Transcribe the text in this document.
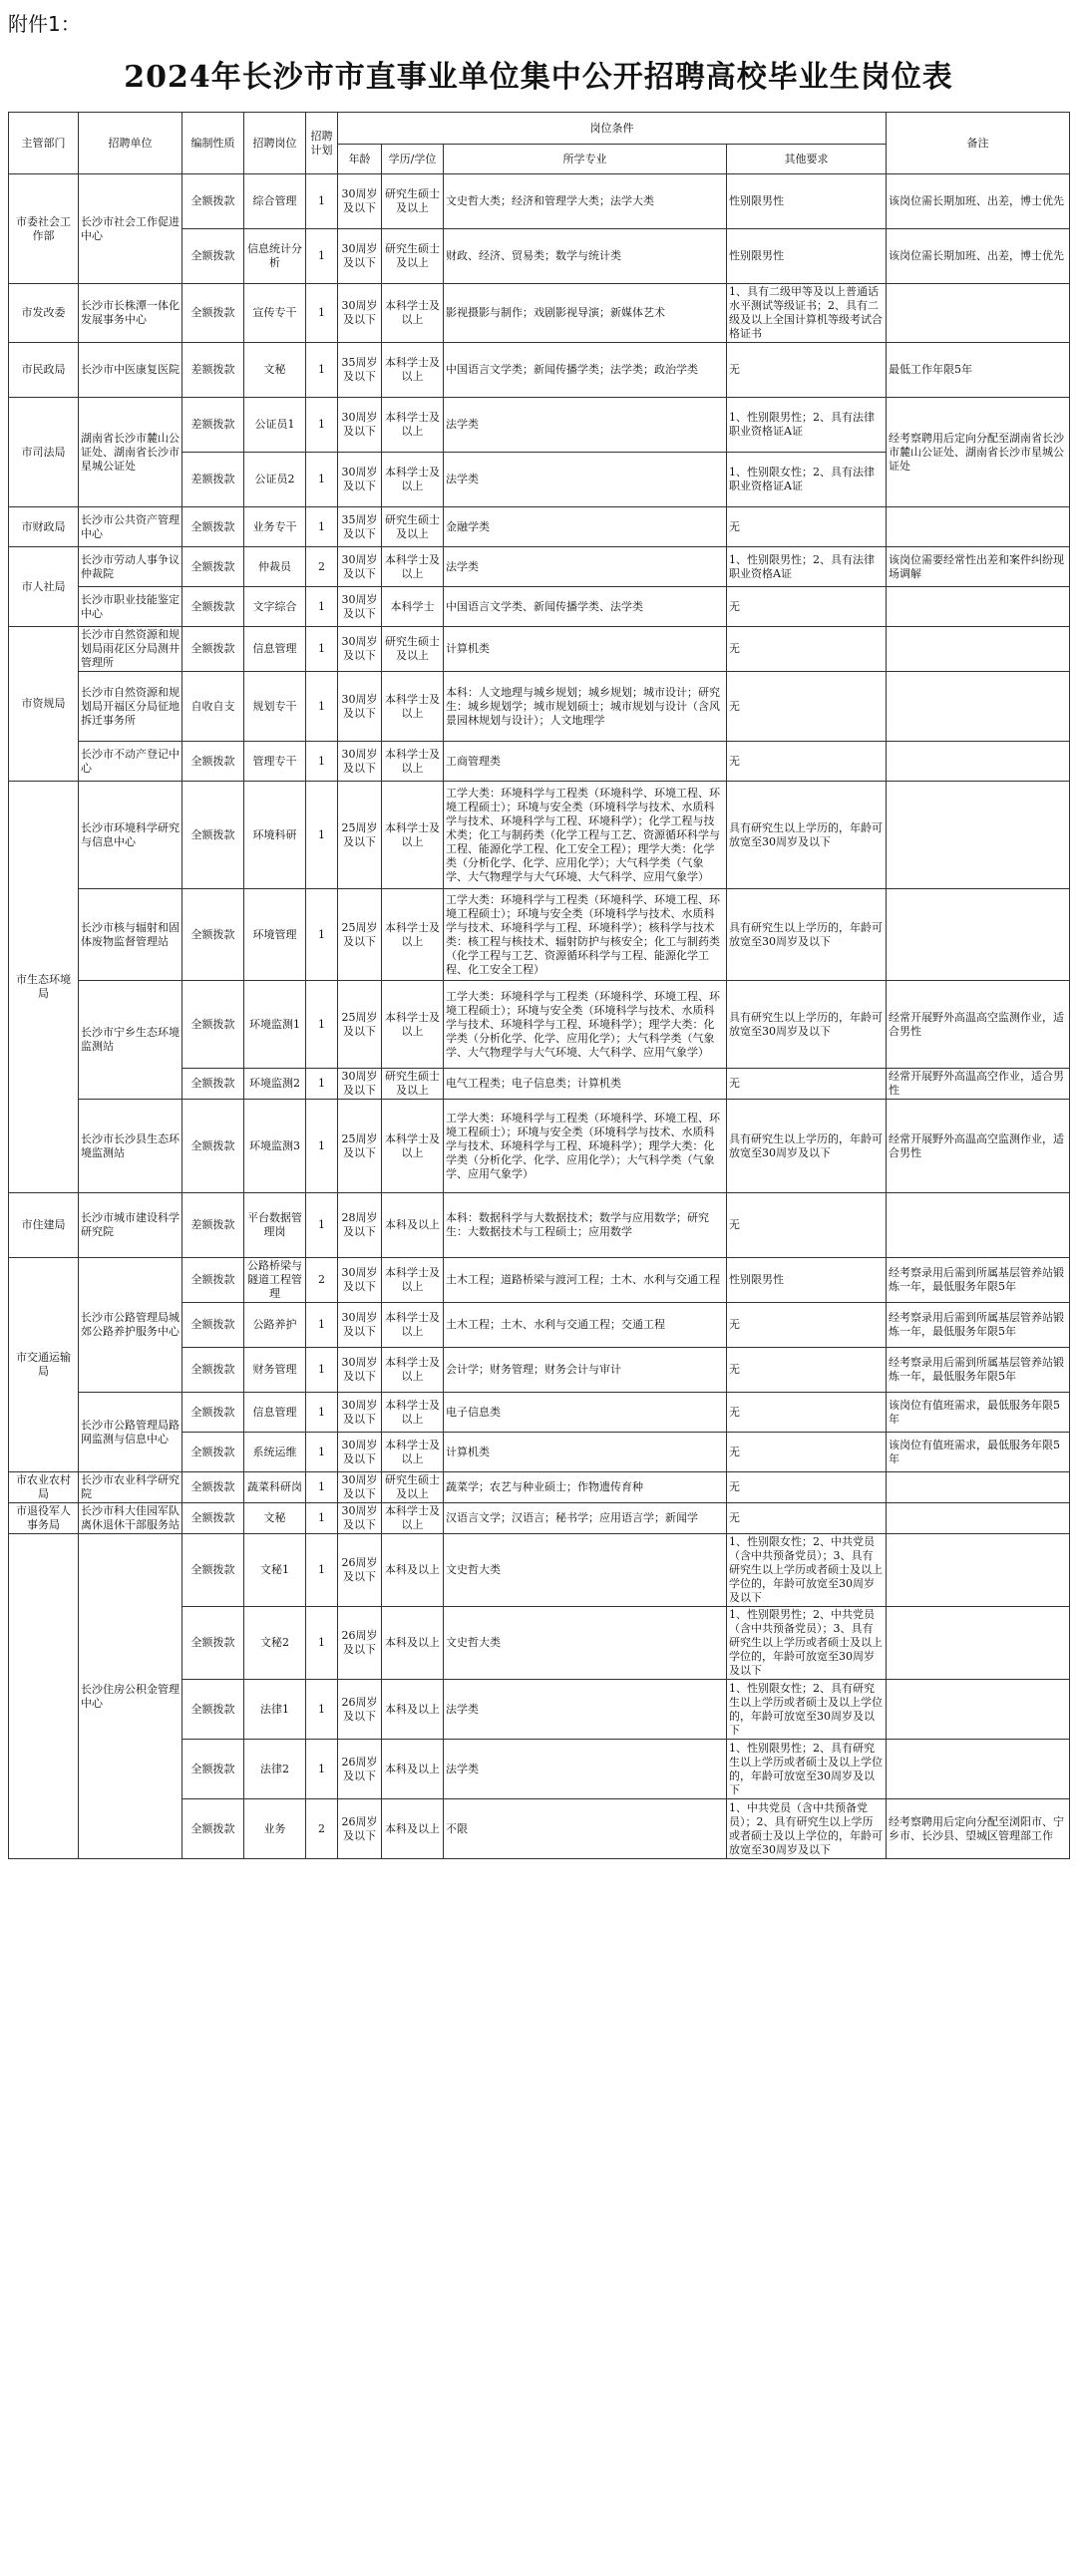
附件1：
2024年长沙市市直事业单位集中公开招聘高校毕业生岗位表
主管部门	招聘单位	编制性质	招聘岗位	招聘计划	岗位条件				备注
					年龄	学历/学位	所学专业	其他要求	
市委社会工作部	长沙市社会工作促进中心	全额拨款	综合管理	1	30周岁及以下	研究生硕士及以上	文史哲大类；经济和管理学大类；法学大类	性别限男性	该岗位需长期加班、出差，博士优先
		全额拨款	信息统计分析	1	30周岁及以下	研究生硕士及以上	财政、经济、贸易类；数学与统计类	性别限男性	该岗位需长期加班、出差，博士优先
市发改委	长沙市长株潭一体化发展事务中心	全额拨款	宣传专干	1	30周岁及以下	本科学士及以上	影视摄影与制作；戏剧影视导演；新媒体艺术	1、具有二级甲等及以上普通话水平测试等级证书；2、具有二级及以上全国计算机等级考试合格证书	
市民政局	长沙市中医康复医院	差额拨款	文秘	1	35周岁及以下	本科学士及以上	中国语言文学类；新闻传播学类；法学类；政治学类	无	最低工作年限5年
市司法局	湖南省长沙市麓山公证处、湖南省长沙市星城公证处	差额拨款	公证员1	1	30周岁及以下	本科学士及以上	法学类	1、性别限男性；2、具有法律职业资格证A证	经考察聘用后定向分配至湖南省长沙市麓山公证处、湖南省长沙市星城公证处
		差额拨款	公证员2	1	30周岁及以下	本科学士及以上	法学类	1、性别限女性；2、具有法律职业资格证A证	
市财政局	长沙市公共资产管理中心	全额拨款	业务专干	1	35周岁及以下	研究生硕士及以上	金融学类	无	
市人社局	长沙市劳动人事争议仲裁院	全额拨款	仲裁员	2	30周岁及以下	本科学士及以上	法学类	1、性别限男性；2、具有法律职业资格A证	该岗位需要经常性出差和案件纠纷现场调解
	长沙市职业技能鉴定中心	全额拨款	文字综合	1	30周岁及以下	本科学士	中国语言文学类、新闻传播学类、法学类	无	
市资规局	长沙市自然资源和规划局雨花区分局测井管理所	全额拨款	信息管理	1	30周岁及以下	研究生硕士及以上	计算机类	无	
	长沙市自然资源和规划局开福区分局征地拆迁事务所	自收自支	规划专干	1	30周岁及以下	本科学士及以上	本科：人文地理与城乡规划；城乡规划；城市设计；研究生：城乡规划学；城市规划硕士；城市规划与设计（含风景园林规划与设计）；人文地理学	无	
	长沙市不动产登记中心	全额拨款	管理专干	1	30周岁及以下	本科学士及以上	工商管理类	无	
市生态环境局	长沙市环境科学研究与信息中心	全额拨款	环境科研	1	25周岁及以下	本科学士及以上	工学大类：环境科学与工程类（环境科学、环境工程、环境工程硕士）；环境与安全类（环境科学与技术、水质科学与技术、环境科学与工程、环境科学）；化学工程与技术类；化工与制药类（化学工程与工艺、资源循环科学与工程、能源化学工程、化工安全工程）；理学大类：化学类（分析化学、化学、应用化学）；大气科学类（气象学、大气物理学与大气环境、大气科学、应用气象学）	具有研究生以上学历的，年龄可放宽至30周岁及以下	
	长沙市核与辐射和固体废物监督管理站	全额拨款	环境管理	1	25周岁及以下	本科学士及以上	工学大类：环境科学与工程类（环境科学、环境工程、环境工程硕士）；环境与安全类（环境科学与技术、水质科学与技术、环境科学与工程、环境科学）；核科学与技术类：核工程与核技术、辐射防护与核安全；化工与制药类（化学工程与工艺、资源循环科学与工程、能源化学工程、化工安全工程）	具有研究生以上学历的，年龄可放宽至30周岁及以下	
	长沙市宁乡生态环境监测站	全额拨款	环境监测1	1	25周岁及以下	本科学士及以上	工学大类：环境科学与工程类（环境科学、环境工程、环境工程硕士）；环境与安全类（环境科学与技术、水质科学与技术、环境科学与工程、环境科学）；理学大类：化学类（分析化学、化学、应用化学）；大气科学类（气象学、大气物理学与大气环境、大气科学、应用气象学）	具有研究生以上学历的，年龄可放宽至30周岁及以下	经常开展野外高温高空监测作业，适合男性
		全额拨款	环境监测2	1	30周岁及以下	研究生硕士及以上	电气工程类；电子信息类；计算机类	无	经常开展野外高温高空作业，适合男性
	长沙市长沙县生态环境监测站	全额拨款	环境监测3	1	25周岁及以下	本科学士及以上	工学大类：环境科学与工程类（环境科学、环境工程、环境工程硕士）；环境与安全类（环境科学与技术、水质科学与技术、环境科学与工程、环境科学）；理学大类：化学类（分析化学、化学、应用化学）；大气科学类（气象学、应用气象学）	具有研究生以上学历的，年龄可放宽至30周岁及以下	经常开展野外高温高空监测作业，适合男性
市住建局	长沙市城市建设科学研究院	差额拨款	平台数据管理岗	1	28周岁及以下	本科及以上	本科：数据科学与大数据技术；数学与应用数学；研究生：大数据技术与工程硕士；应用数学	无	
市交通运输局	长沙市公路管理局城郊公路养护服务中心	全额拨款	公路桥梁与隧道工程管理	2	30周岁及以下	本科学士及以上	土木工程；道路桥梁与渡河工程；土木、水利与交通工程	性别限男性	经考察录用后需到所属基层管养站锻炼一年，最低服务年限5年
		全额拨款	公路养护	1	30周岁及以下	本科学士及以上	土木工程；土木、水利与交通工程；交通工程	无	经考察录用后需到所属基层管养站锻炼一年，最低服务年限5年
		全额拨款	财务管理	1	30周岁及以下	本科学士及以上	会计学；财务管理；财务会计与审计	无	经考察录用后需到所属基层管养站锻炼一年，最低服务年限5年
	长沙市公路管理局路网监测与信息中心	全额拨款	信息管理	1	30周岁及以下	本科学士及以上	电子信息类	无	该岗位有值班需求，最低服务年限5年
		全额拨款	系统运维	1	30周岁及以下	本科学士及以上	计算机类	无	该岗位有值班需求，最低服务年限5年
市农业农村局	长沙市农业科学研究院	全额拨款	蔬菜科研岗	1	30周岁及以下	研究生硕士及以上	蔬菜学；农艺与种业硕士；作物遗传育种	无	
市退役军人事务局	长沙市科大佳园军队离休退休干部服务站	全额拨款	文秘	1	30周岁及以下	本科学士及以上	汉语言文学；汉语言；秘书学；应用语言学；新闻学	无	
	长沙住房公积金管理中心	全额拨款	文秘1	1	26周岁及以下	本科及以上	文史哲大类	1、性别限女性；2、中共党员（含中共预备党员）；3、具有研究生以上学历或者硕士及以上学位的，年龄可放宽至30周岁及以下	
		全额拨款	文秘2	1	26周岁及以下	本科及以上	文史哲大类	1、性别限男性；2、中共党员（含中共预备党员）；3、具有研究生以上学历或者硕士及以上学位的，年龄可放宽至30周岁及以下	
		全额拨款	法律1	1	26周岁及以下	本科及以上	法学类	1、性别限女性；2、具有研究生以上学历或者硕士及以上学位的，年龄可放宽至30周岁及以下	
		全额拨款	法律2	1	26周岁及以下	本科及以上	法学类	1、性别限男性；2、具有研究生以上学历或者硕士及以上学位的，年龄可放宽至30周岁及以下	
		全额拨款	业务	2	26周岁及以下	本科及以上	不限	1、中共党员（含中共预备党员）；2、具有研究生以上学历或者硕士及以上学位的，年龄可放宽至30周岁及以下	经考察聘用后定向分配至浏阳市、宁乡市、长沙县、望城区管理部工作
